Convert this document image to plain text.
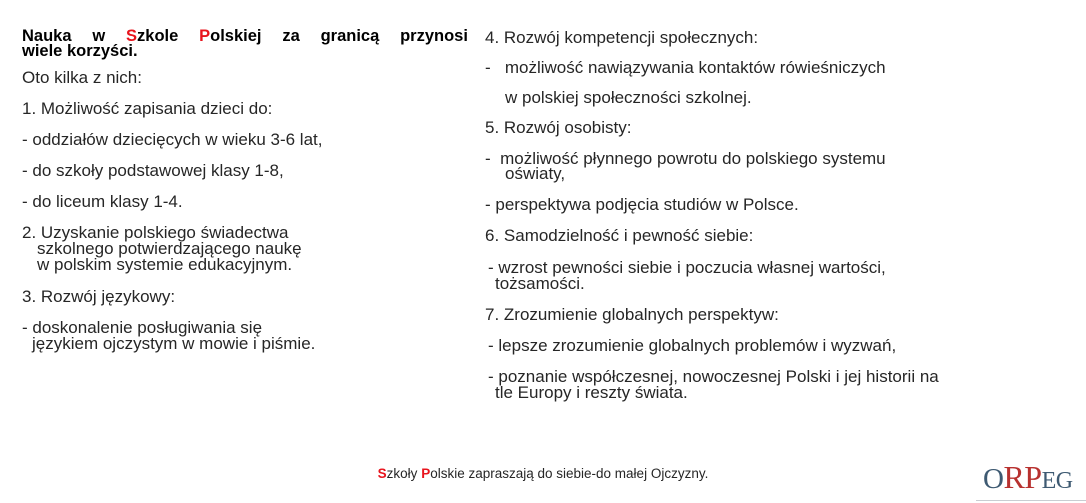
Nauka w Szkole Polskiej za granicą przynosi
wiele korzyści.
Oto kilka z nich:
1. Możliwość zapisania dzieci do:
- oddziałów dziecięcych w wieku 3-6 lat,
- do szkoły podstawowej klasy 1-8,
- do liceum klasy 1-4.
2. Uzyskanie polskiego świadectwa
szkolnego potwierdzającego naukę
w polskim systemie edukacyjnym.
3. Rozwój językowy:
- doskonalenie posługiwania się
językiem ojczystym w mowie i piśmie.
4. Rozwój kompetencji społecznych:
-   możliwość nawiązywania kontaktów rówieśniczych
w polskiej społeczności szkolnej.
5. Rozwój osobisty:
-  możliwość płynnego powrotu do polskiego systemu
oświaty,
- perspektywa podjęcia studiów w Polsce.
6. Samodzielność i pewność siebie:
- wzrost pewności siebie i poczucia własnej wartości,
tożsamości.
7. Zrozumienie globalnych perspektyw:
- lepsze zrozumienie globalnych problemów i wyzwań,
- poznanie współczesnej, nowoczesnej Polski i jej historii na
tle Europy i reszty świata.
Szkoły Polskie zapraszają do siebie-do małej Ojczyzny.	ORPEG
